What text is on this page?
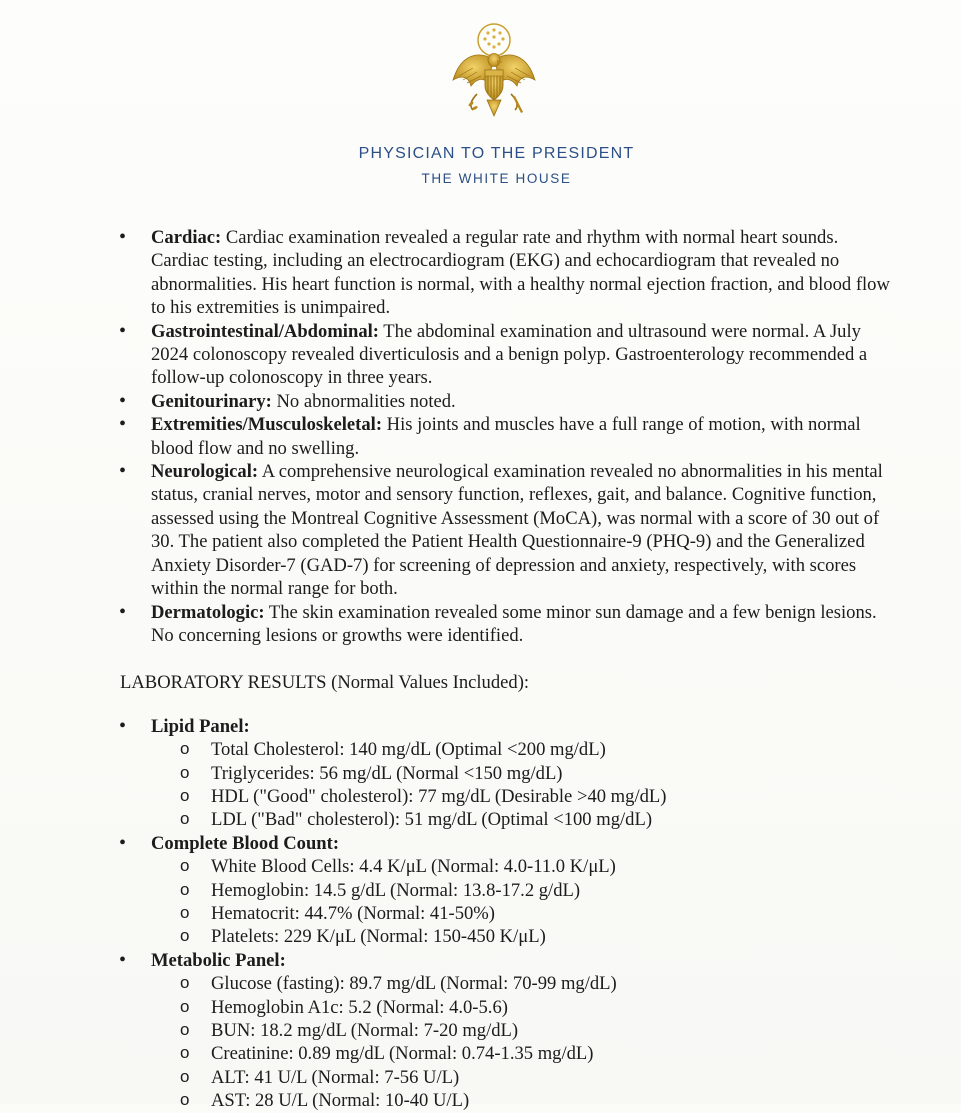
PHYSICIAN TO THE PRESIDENT
THE WHITE HOUSE
• Cardiac: Cardiac examination revealed a regular rate and rhythm with normal heart sounds. Cardiac testing, including an electrocardiogram (EKG) and echocardiogram that revealed no abnormalities. His heart function is normal, with a healthy normal ejection fraction, and blood flow to his extremities is unimpaired.
• Gastrointestinal/Abdominal: The abdominal examination and ultrasound were normal. A July 2024 colonoscopy revealed diverticulosis and a benign polyp. Gastroenterology recommended a follow-up colonoscopy in three years.
• Genitourinary: No abnormalities noted.
• Extremities/Musculoskeletal: His joints and muscles have a full range of motion, with normal blood flow and no swelling.
• Neurological: A comprehensive neurological examination revealed no abnormalities in his mental status, cranial nerves, motor and sensory function, reflexes, gait, and balance. Cognitive function, assessed using the Montreal Cognitive Assessment (MoCA), was normal with a score of 30 out of 30. The patient also completed the Patient Health Questionnaire-9 (PHQ-9) and the Generalized Anxiety Disorder-7 (GAD-7) for screening of depression and anxiety, respectively, with scores within the normal range for both.
• Dermatologic: The skin examination revealed some minor sun damage and a few benign lesions. No concerning lesions or growths were identified.
LABORATORY RESULTS (Normal Values Included):
• Lipid Panel:
o Total Cholesterol: 140 mg/dL (Optimal <200 mg/dL)
o Triglycerides: 56 mg/dL (Normal <150 mg/dL)
o HDL ("Good" cholesterol): 77 mg/dL (Desirable >40 mg/dL)
o LDL ("Bad" cholesterol): 51 mg/dL (Optimal <100 mg/dL)
• Complete Blood Count:
o White Blood Cells: 4.4 K/μL (Normal: 4.0-11.0 K/μL)
o Hemoglobin: 14.5 g/dL (Normal: 13.8-17.2 g/dL)
o Hematocrit: 44.7% (Normal: 41-50%)
o Platelets: 229 K/μL (Normal: 150-450 K/μL)
• Metabolic Panel:
o Glucose (fasting): 89.7 mg/dL (Normal: 70-99 mg/dL)
o Hemoglobin A1c: 5.2 (Normal: 4.0-5.6)
o BUN: 18.2 mg/dL (Normal: 7-20 mg/dL)
o Creatinine: 0.89 mg/dL (Normal: 0.74-1.35 mg/dL)
o ALT: 41 U/L (Normal: 7-56 U/L)
o AST: 28 U/L (Normal: 10-40 U/L)
